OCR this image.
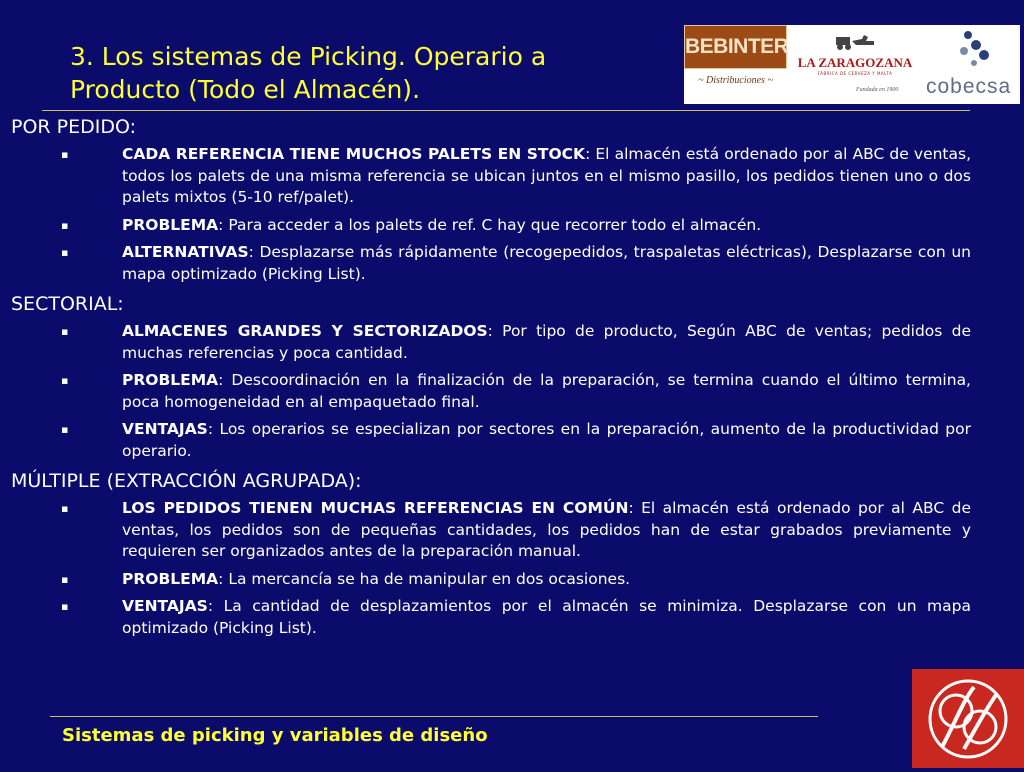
3. Los sistemas de Picking. Operario a
Producto (Todo el Almacén).
BEBINTER
~ Distribuciones ~
LA ZARAGOZANA
FÁBRICA DE CERVEZA Y MALTA
Fundada en 1900 cobecsa
POR PEDIDO:
▪	CADA REFERENCIA TIENE MUCHOS PALETS EN STOCK: El almacén está ordenado por al ABC de ventas, todos los palets de una misma referencia se ubican juntos en el mismo pasillo, los pedidos tienen uno o dos palets mixtos (5-10 ref/palet).
▪	PROBLEMA: Para acceder a los palets de ref. C hay que recorrer todo el almacén.
▪	ALTERNATIVAS: Desplazarse más rápidamente (recogepedidos, traspaletas eléctricas), Desplazarse con un mapa optimizado (Picking List).
SECTORIAL:
▪	ALMACENES GRANDES Y SECTORIZADOS: Por tipo de producto, Según ABC de ventas; pedidos de muchas referencias y poca cantidad.
▪	PROBLEMA: Descoordinación en la finalización de la preparación, se termina cuando el último termina, poca homogeneidad en al empaquetado final.
▪	VENTAJAS: Los operarios se especializan por sectores en la preparación, aumento de la productividad por operario.
MÚLTIPLE (EXTRACCIÓN AGRUPADA):
▪	LOS PEDIDOS TIENEN MUCHAS REFERENCIAS EN COMÚN: El almacén está ordenado por al ABC de ventas, los pedidos son de pequeñas cantidades, los pedidos han de estar grabados previamente y requieren ser organizados antes de la preparación manual.
▪	PROBLEMA: La mercancía se ha de manipular en dos ocasiones.
▪	VENTAJAS: La cantidad de desplazamientos por el almacén se minimiza. Desplazarse con un mapa optimizado (Picking List).
Sistemas de picking y variables de diseño
